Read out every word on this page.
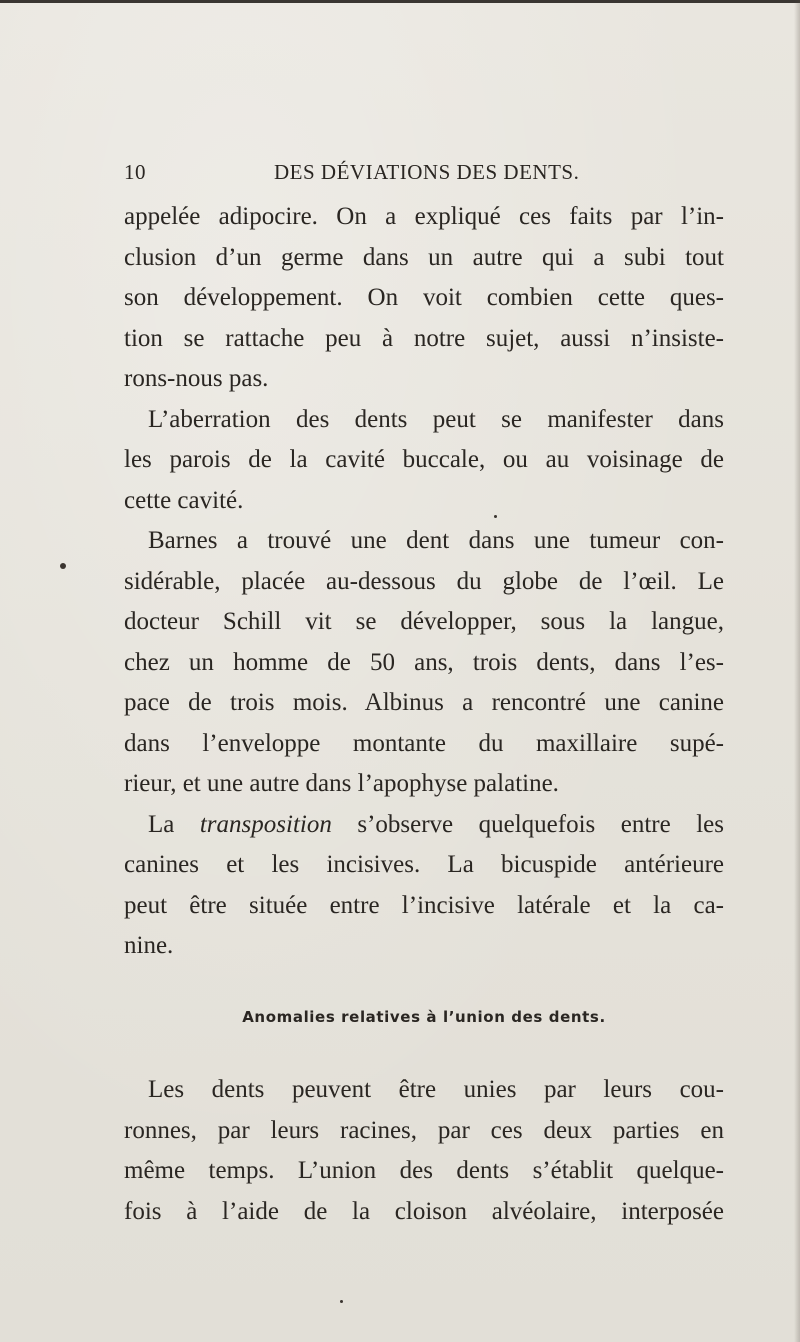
10	DES DÉVIATIONS DES DENTS.
appelée adipocire. On a expliqué ces faits par l’in-
clusion d’un germe dans un autre qui a subi tout
son développement. On voit combien cette ques-
tion se rattache peu à notre sujet, aussi n’insiste-
rons-nous pas.
L’aberration des dents peut se manifester dans
les parois de la cavité buccale, ou au voisinage de
cette cavité.
Barnes a trouvé une dent dans une tumeur con-
sidérable, placée au-dessous du globe de l’œil. Le
docteur Schill vit se développer, sous la langue,
chez un homme de 50 ans, trois dents, dans l’es-
pace de trois mois. Albinus a rencontré une canine
dans l’enveloppe montante du maxillaire supé-
rieur, et une autre dans l’apophyse palatine.
La transposition s’observe quelquefois entre les
canines et les incisives. La bicuspide antérieure
peut être située entre l’incisive latérale et la ca-
nine.
Anomalies relatives à l’union des dents.
Les dents peuvent être unies par leurs cou-
ronnes, par leurs racines, par ces deux parties en
même temps. L’union des dents s’établit quelque-
fois à l’aide de la cloison alvéolaire, interposée
